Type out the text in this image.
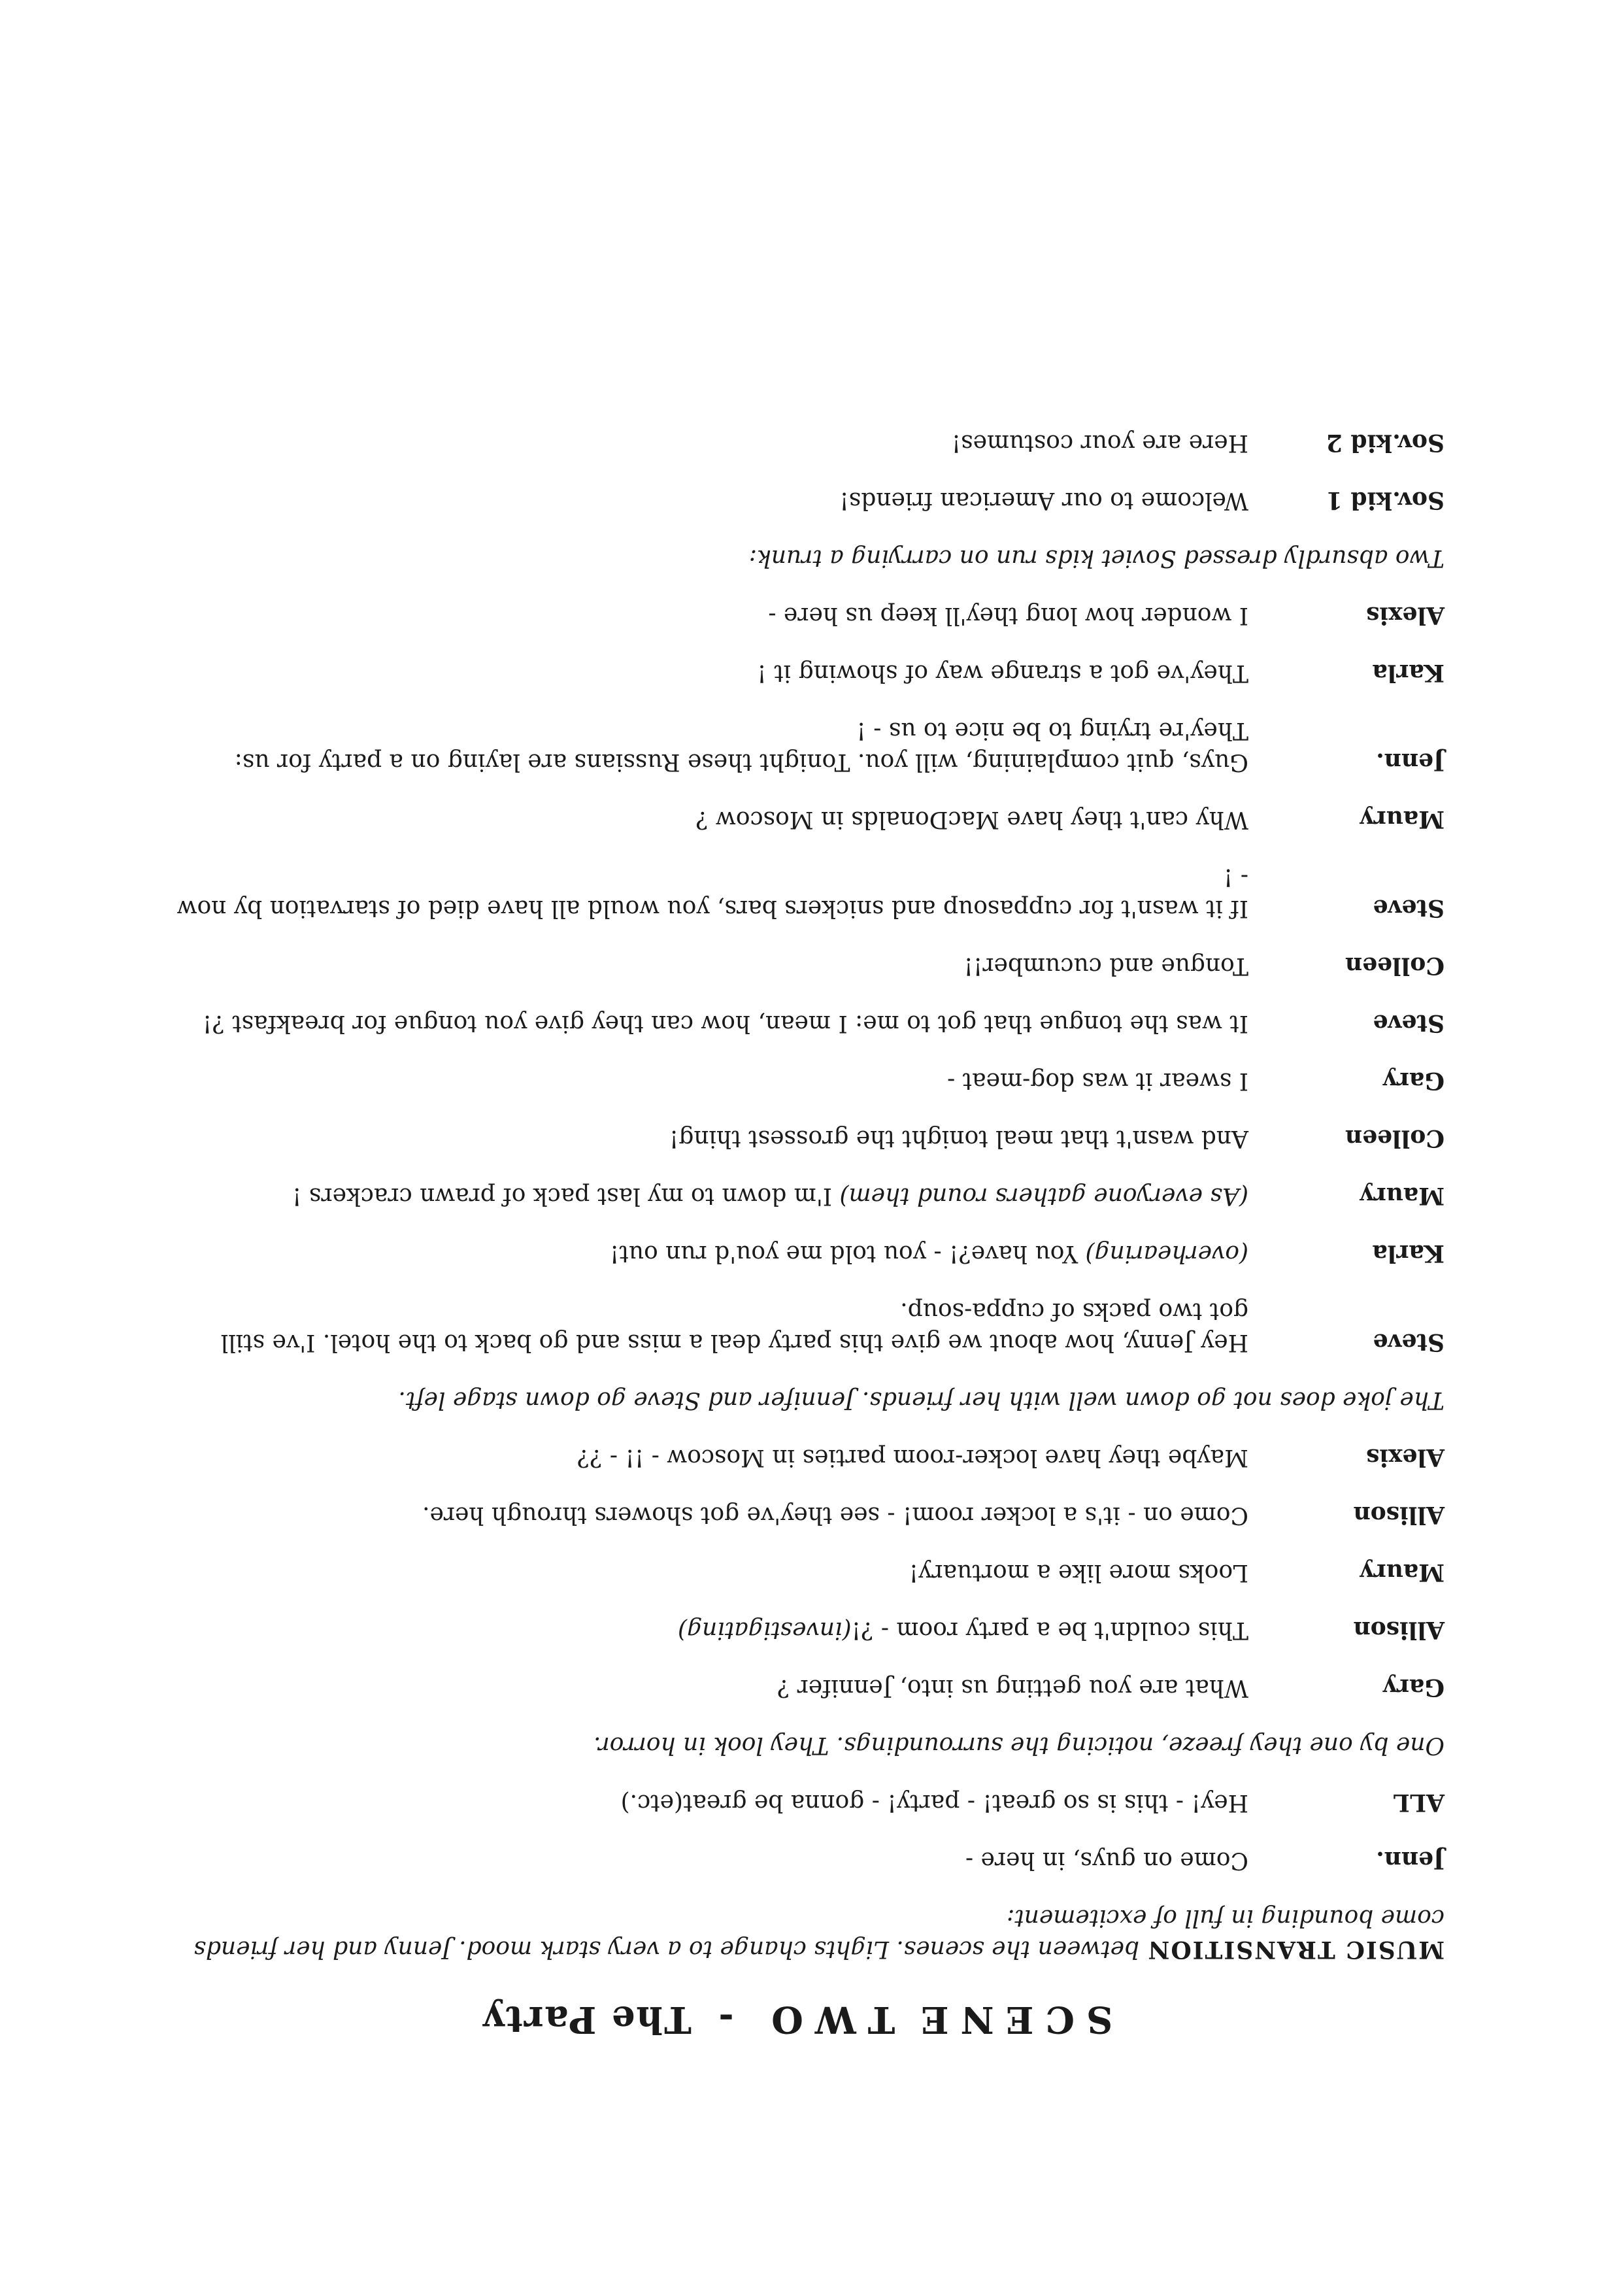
SCENE TWO - The Party
MUSIC TRANSITION between the scenes. Lights change to a very stark mood. Jenny and her friends come bounding in full of excitement:
Jenn.
Come on guys, in here -
ALL
Hey! - this is so great! - party! - gonna be great(etc.)
One by one they freeze, noticing the surroundings. They look in horror.
Gary
What are you getting us into, Jennifer ?
Allison
This couldn't be a party room - ?!(investigating)
Maury
Looks more like a mortuary!
Allison
Come on - it's a locker room! - see they've got showers through here.
Alexis
Maybe they have locker-room parties in Moscow - !! - ??
The joke does not go down well with her friends. Jennifer and Steve go down stage left.
Steve
Hey Jenny, how about we give this party deal a miss and go back to the hotel. I've still got two packs of cuppa-soup.
Karla
(overhearing) You have?! - you told me you'd run out!
Maury
(As everyone gathers round them) I'm down to my last pack of prawn crackers !
Colleen
And wasn't that meal tonight the grossest thing!
Gary
I swear it was dog-meat -
Steve
It was the tongue that got to me: I mean, how can they give you tongue for breakfast ?!
Colleen
Tongue and cucumber!!
Steve
If it wasn't for cuppasoup and snickers bars, you would all have died of starvation by now - !
Maury
Why can't they have MacDonalds in Moscow ?
Jenn.
Guys, quit complaining, will you. Tonight these Russians are laying on a party for us: They're trying to be nice to us - !
Karla
They've got a strange way of showing it !
Alexis
I wonder how long they'll keep us here -
Two absurdly dressed Soviet kids run on carrying a trunk:
Sov.kid 1
Welcome to our American friends!
Sov.kid 2
Here are your costumes!
